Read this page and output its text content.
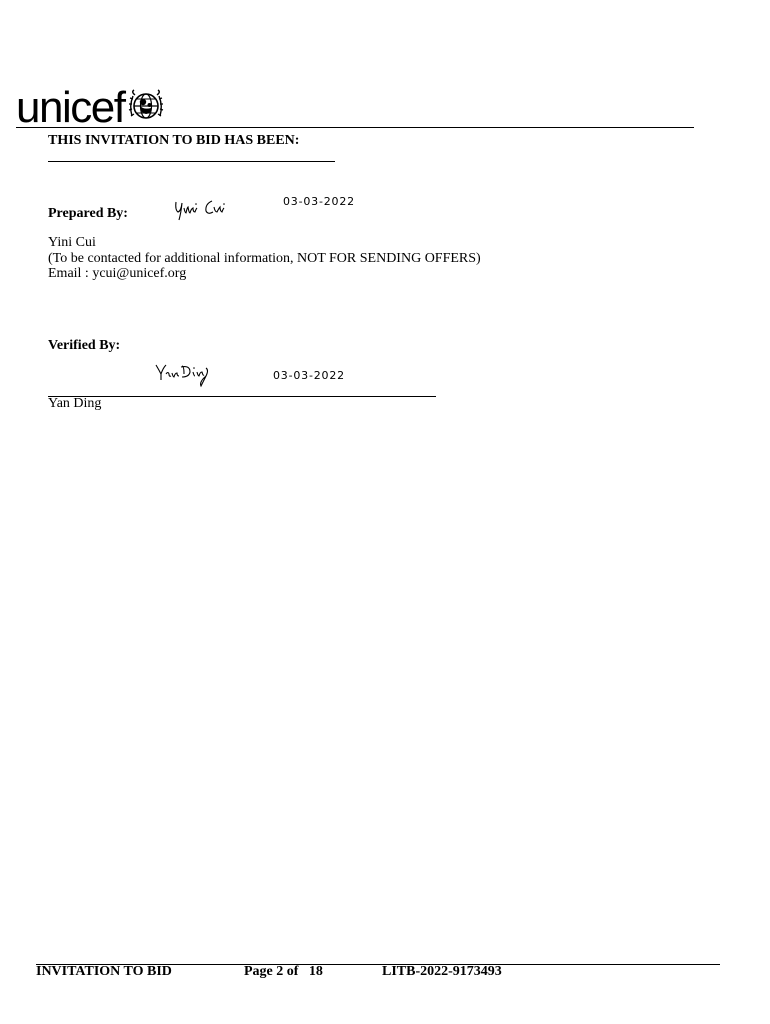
unicef
THIS INVITATION TO BID HAS BEEN:
Prepared By:
03-03-2022
Yini Cui
(To be contacted for additional information, NOT FOR SENDING OFFERS)
Email : ycui@unicef.org
Verified By:
03-03-2022
Yan Ding
INVITATION TO BID	Page 2 of   18	LITB-2022-9173493
